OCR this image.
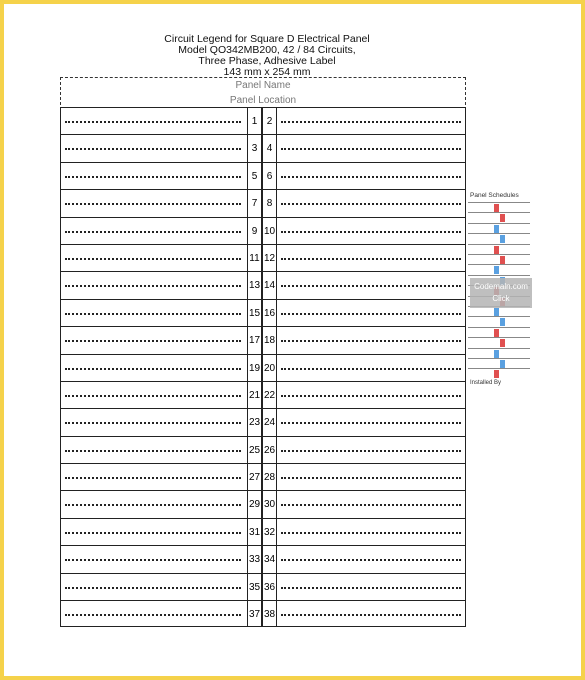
Circuit Legend for Square D Electrical Panel
Model QO342MB200, 42 / 84 Circuits,
Three Phase, Adhesive Label
143 mm x 254 mm
Panel Name
Panel Location
1 2
3 4
5 6
7 8
9 10
11 12
13 14
15 16
17 18
19 20
21 22
23 24
25 26
27 28
29 30
31 32
33 34
35 36
37 38
Panel Schedules
Codemaln.com
Click
Installed By
